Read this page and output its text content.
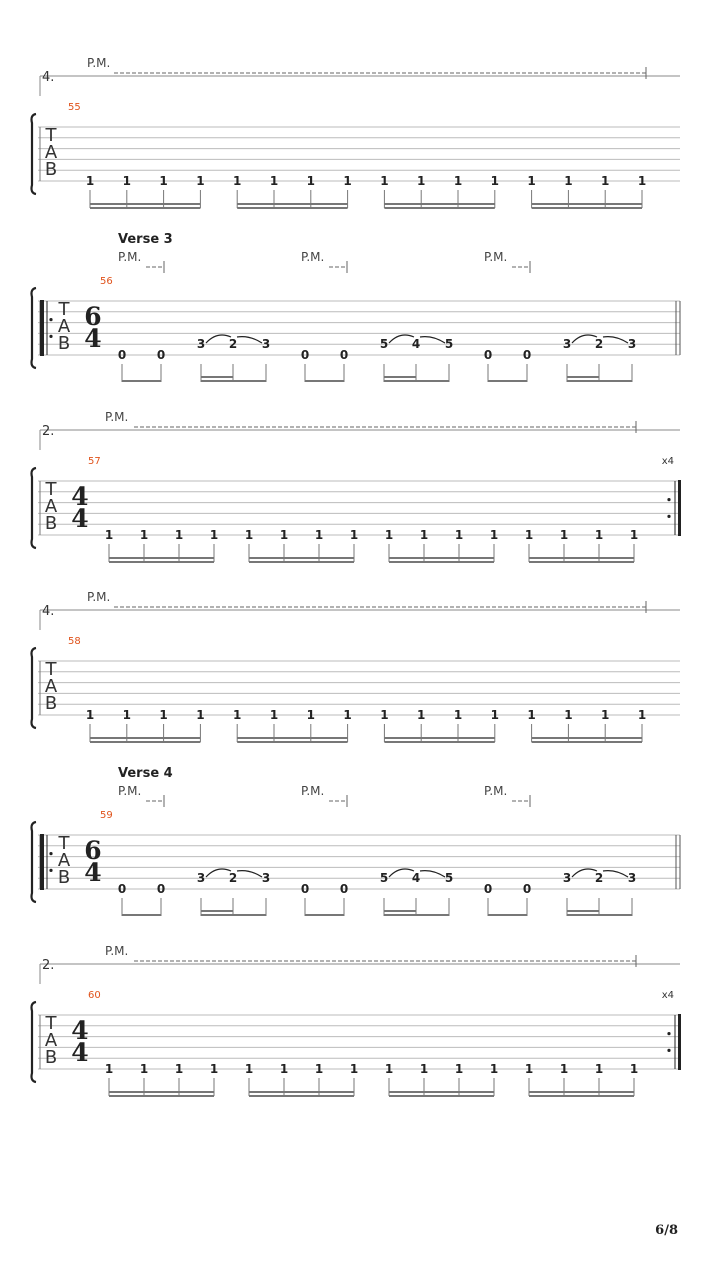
T
A
B
55
4.
P.M.
1 1 1 1 1 1 1 1 1 1 1 1 1 1 1 1
T
A
B
6
4
56
Verse 3
P.M.	P.M.	P.M.
0	0
3 2 3
0	0
5 4 5
0	0
3 2 3
T
A
B
4
4
57	x4
2.
P.M.
1 1 1 1 1 1 1 1 1 1 1 1 1 1 1 1
T
A
B
58
4.
P.M.
1 1 1 1 1 1 1 1 1 1 1 1 1 1 1 1
T
A
B
6
4
59
Verse 4
P.M.	P.M.	P.M.
0	0
3 2 3
0	0
5 4 5
0	0
3 2 3
T
A
B
4
4
60	x4
2.
P.M.
1 1 1 1 1 1 1 1 1 1 1 1 1 1 1 1
6/8
